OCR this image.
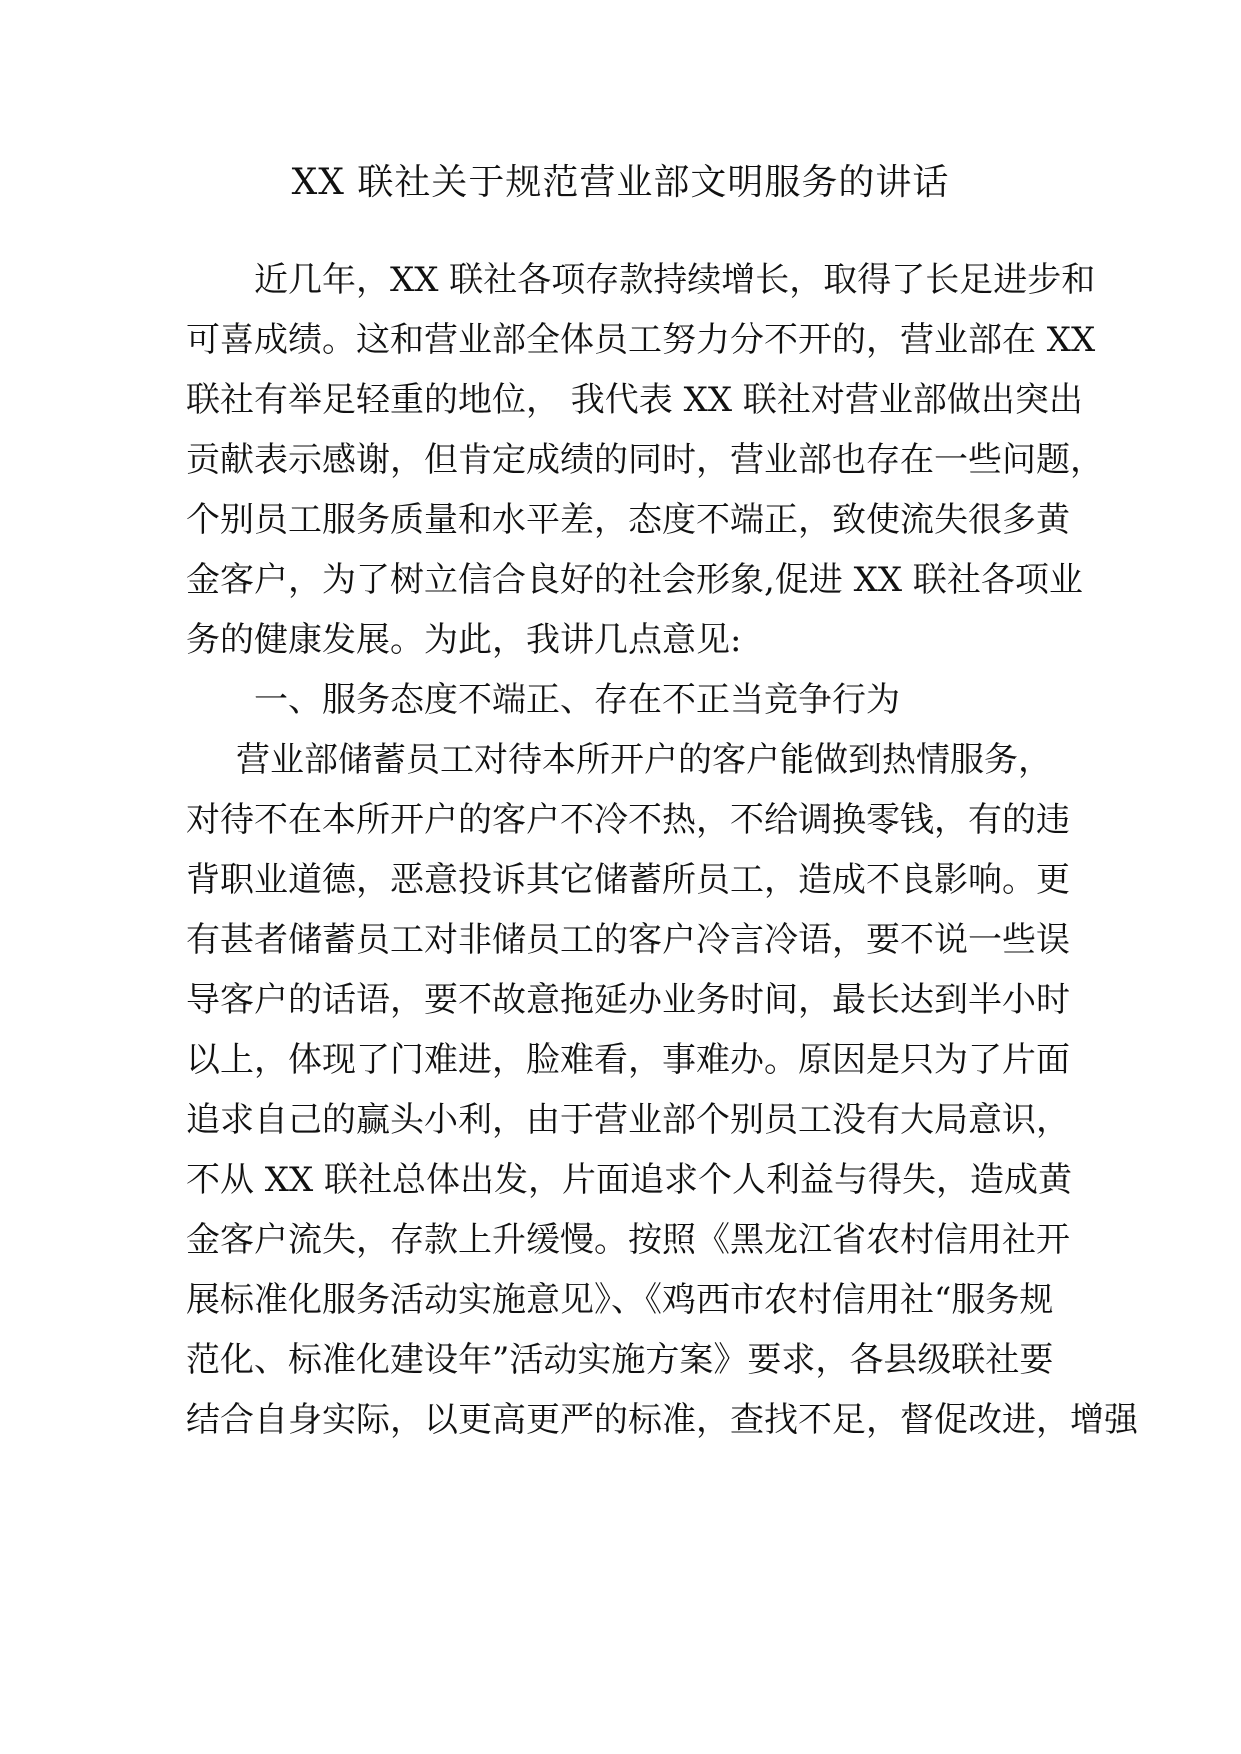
XX 联社关于规范营业部文明服务的讲话
近几年，XX 联社各项存款持续增长，取得了长足进步和
可喜成绩。这和营业部全体员工努力分不开的，营业部在 XX
联社有举足轻重的地位， 我代表 XX 联社对营业部做出突出
贡献表示感谢，但肯定成绩的同时，营业部也存在一些问题，
个别员工服务质量和水平差，态度不端正，致使流失很多黄
金客户，为了树立信合良好的社会形象,促进 XX 联社各项业
务的健康发展。为此，我讲几点意见:
一、服务态度不端正、存在不正当竞争行为
营业部储蓄员工对待本所开户的客户能做到热情服务，
对待不在本所开户的客户不冷不热，不给调换零钱，有的违
背职业道德，恶意投诉其它储蓄所员工，造成不良影响。更
有甚者储蓄员工对非储员工的客户冷言冷语，要不说一些误
导客户的话语，要不故意拖延办业务时间，最长达到半小时
以上，体现了门难进，脸难看，事难办。原因是只为了片面
追求自己的赢头小利，由于营业部个别员工没有大局意识，
不从 XX 联社总体出发，片面追求个人利益与得失，造成黄
金客户流失，存款上升缓慢。按照《黑龙江省农村信用社开
展标准化服务活动实施意见》、《鸡西市农村信用社“服务规
范化、标准化建设年”活动实施方案》要求，各县级联社要
结合自身实际，以更高更严的标准，查找不足，督促改进，增强
